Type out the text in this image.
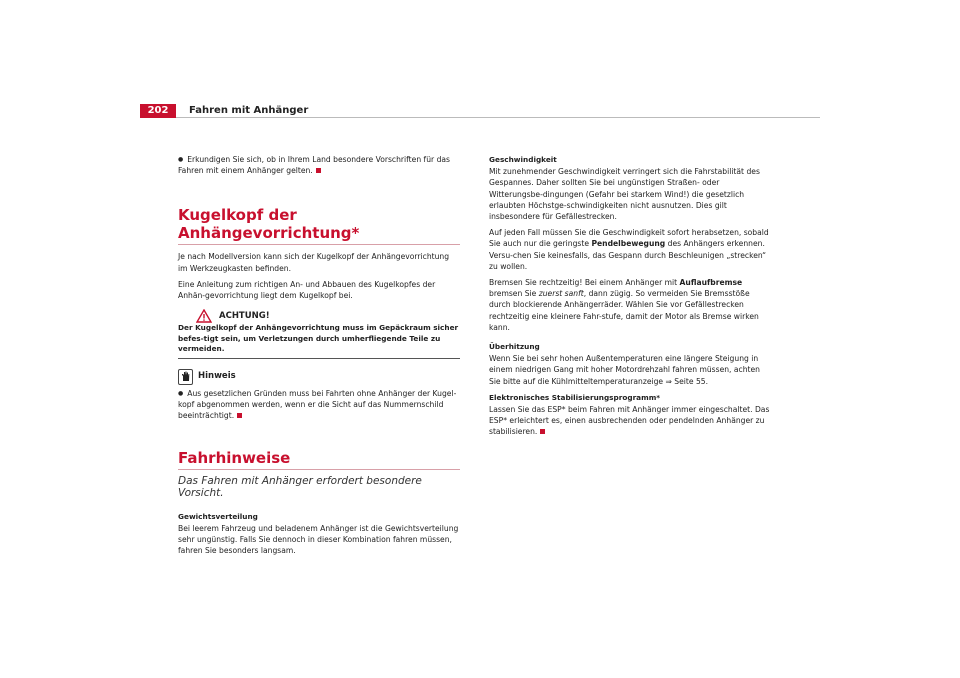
202	Fahren mit Anhänger

● Erkundigen Sie sich, ob in Ihrem Land besondere Vorschriften für das Fahren mit einem Anhänger gelten.

Kugelkopf der Anhängevorrichtung*

Je nach Modellversion kann sich der Kugelkopf der Anhängevorrichtung im Werkzeugkasten befinden.

Eine Anleitung zum richtigen An- und Abbauen des Kugelkopfes der Anhän-gevorrichtung liegt dem Kugelkopf bei.

ACHTUNG!
Der Kugelkopf der Anhängevorrichtung muss im Gepäckraum sicher befes-tigt sein, um Verletzungen durch umherfliegende Teile zu vermeiden.
Hinweis

● Aus gesetzlichen Gründen muss bei Fahrten ohne Anhänger der Kugel-kopf abgenommen werden, wenn er die Sicht auf das Nummernschild beeinträchtigt.

Fahrhinweise
Das Fahren mit Anhänger erfordert besondere Vorsicht.
Gewichtsverteilung

Bei leerem Fahrzeug und beladenem Anhänger ist die Gewichtsverteilung sehr ungünstig. Falls Sie dennoch in dieser Kombination fahren müssen, fahren Sie besonders langsam.

Geschwindigkeit

Mit zunehmender Geschwindigkeit verringert sich die Fahrstabilität des Gespannes. Daher sollten Sie bei ungünstigen Straßen- oder Witterungsbe-dingungen (Gefahr bei starkem Wind!) die gesetzlich erlaubten Höchstge-schwindigkeiten nicht ausnutzen. Dies gilt insbesondere für Gefällestrecken.

Auf jeden Fall müssen Sie die Geschwindigkeit sofort herabsetzen, sobald Sie auch nur die geringste Pendelbewegung des Anhängers erkennen. Versu-chen Sie keinesfalls, das Gespann durch Beschleunigen „strecken“ zu wollen.

Bremsen Sie rechtzeitig! Bei einem Anhänger mit Auflaufbremse bremsen Sie zuerst sanft, dann zügig. So vermeiden Sie Bremsstöße durch blockierende Anhängerräder. Wählen Sie vor Gefällestrecken rechtzeitig eine kleinere Fahr-stufe, damit der Motor als Bremse wirken kann.

Überhitzung

Wenn Sie bei sehr hohen Außentemperaturen eine längere Steigung in einem niedrigen Gang mit hoher Motordrehzahl fahren müssen, achten Sie bitte auf die Kühlmitteltemperaturanzeige ⇒ Seite 55.

Elektronisches Stabilisierungsprogramm*

Lassen Sie das ESP* beim Fahren mit Anhänger immer eingeschaltet. Das ESP* erleichtert es, einen ausbrechenden oder pendelnden Anhänger zu stabilisieren.
